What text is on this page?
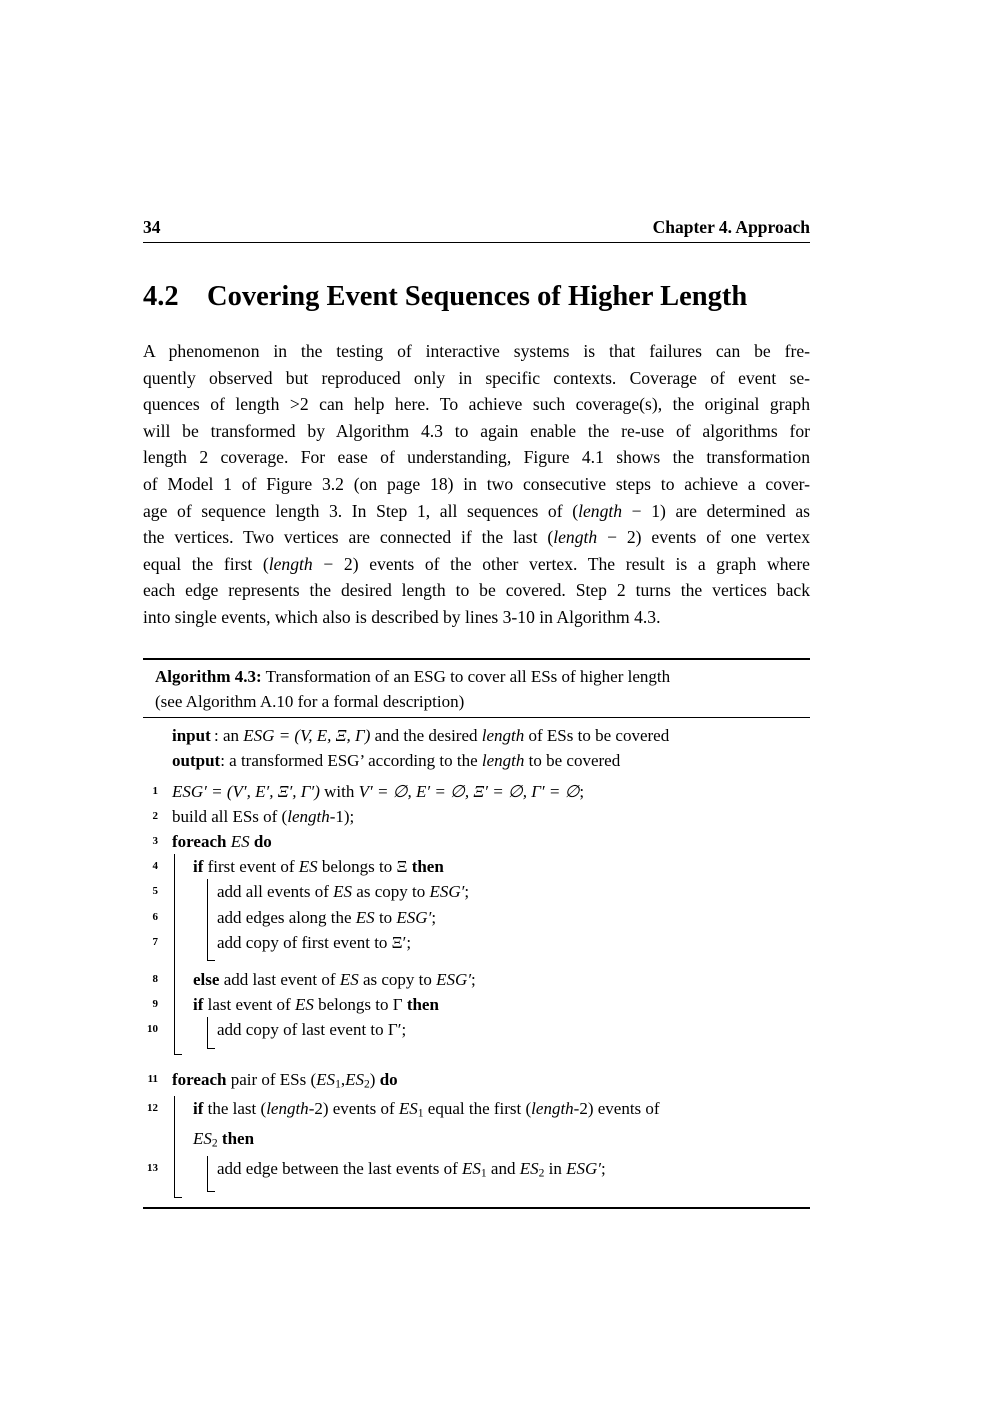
34	Chapter 4. Approach
4.2 Covering Event Sequences of Higher Length
A phenomenon in the testing of interactive systems is that failures can be fre-
quently observed but reproduced only in specific contexts. Coverage of event se-
quences of length >2 can help here. To achieve such coverage(s), the original graph
will be transformed by Algorithm 4.3 to again enable the re-use of algorithms for
length 2 coverage. For ease of understanding, Figure 4.1 shows the transformation
of Model 1 of Figure 3.2 (on page 18) in two consecutive steps to achieve a cover-
age of sequence length 3. In Step 1, all sequences of (length − 1) are determined as
the vertices. Two vertices are connected if the last (length − 2) events of one vertex
equal the first (length − 2) events of the other vertex. The result is a graph where
each edge represents the desired length to be covered. Step 2 turns the vertices back
into single events, which also is described by lines 3-10 in Algorithm 4.3.
Algorithm 4.3: Transformation of an ESG to cover all ESs of higher length
(see Algorithm A.10 for a formal description)
input : an ESG = (V, E, Ξ, Γ) and the desired length of ESs to be covered
output : a transformed ESG’ according to the length to be covered
1 ESG′ = (V′, E′, Ξ′, Γ′) with V′ = ∅, E′ = ∅, Ξ′ = ∅, Γ′ = ∅;
2 build all ESs of (length-1);
3 foreach ES do
4 if first event of ES belongs to Ξ then
5	add all events of ES as copy to ESG′;
6	add edges along the ES to ESG′;
7	add copy of first event to Ξ′;
8 else add last event of ES as copy to ESG′;
9 if last event of ES belongs to Γ then
10	add copy of last event to Γ′;
11 foreach pair of ESs (ES1,ES2) do
12 if the last (length-2) events of ES1 equal the first (length-2) events of
ES2 then
13	add edge between the last events of ES1 and ES2 in ESG′;
